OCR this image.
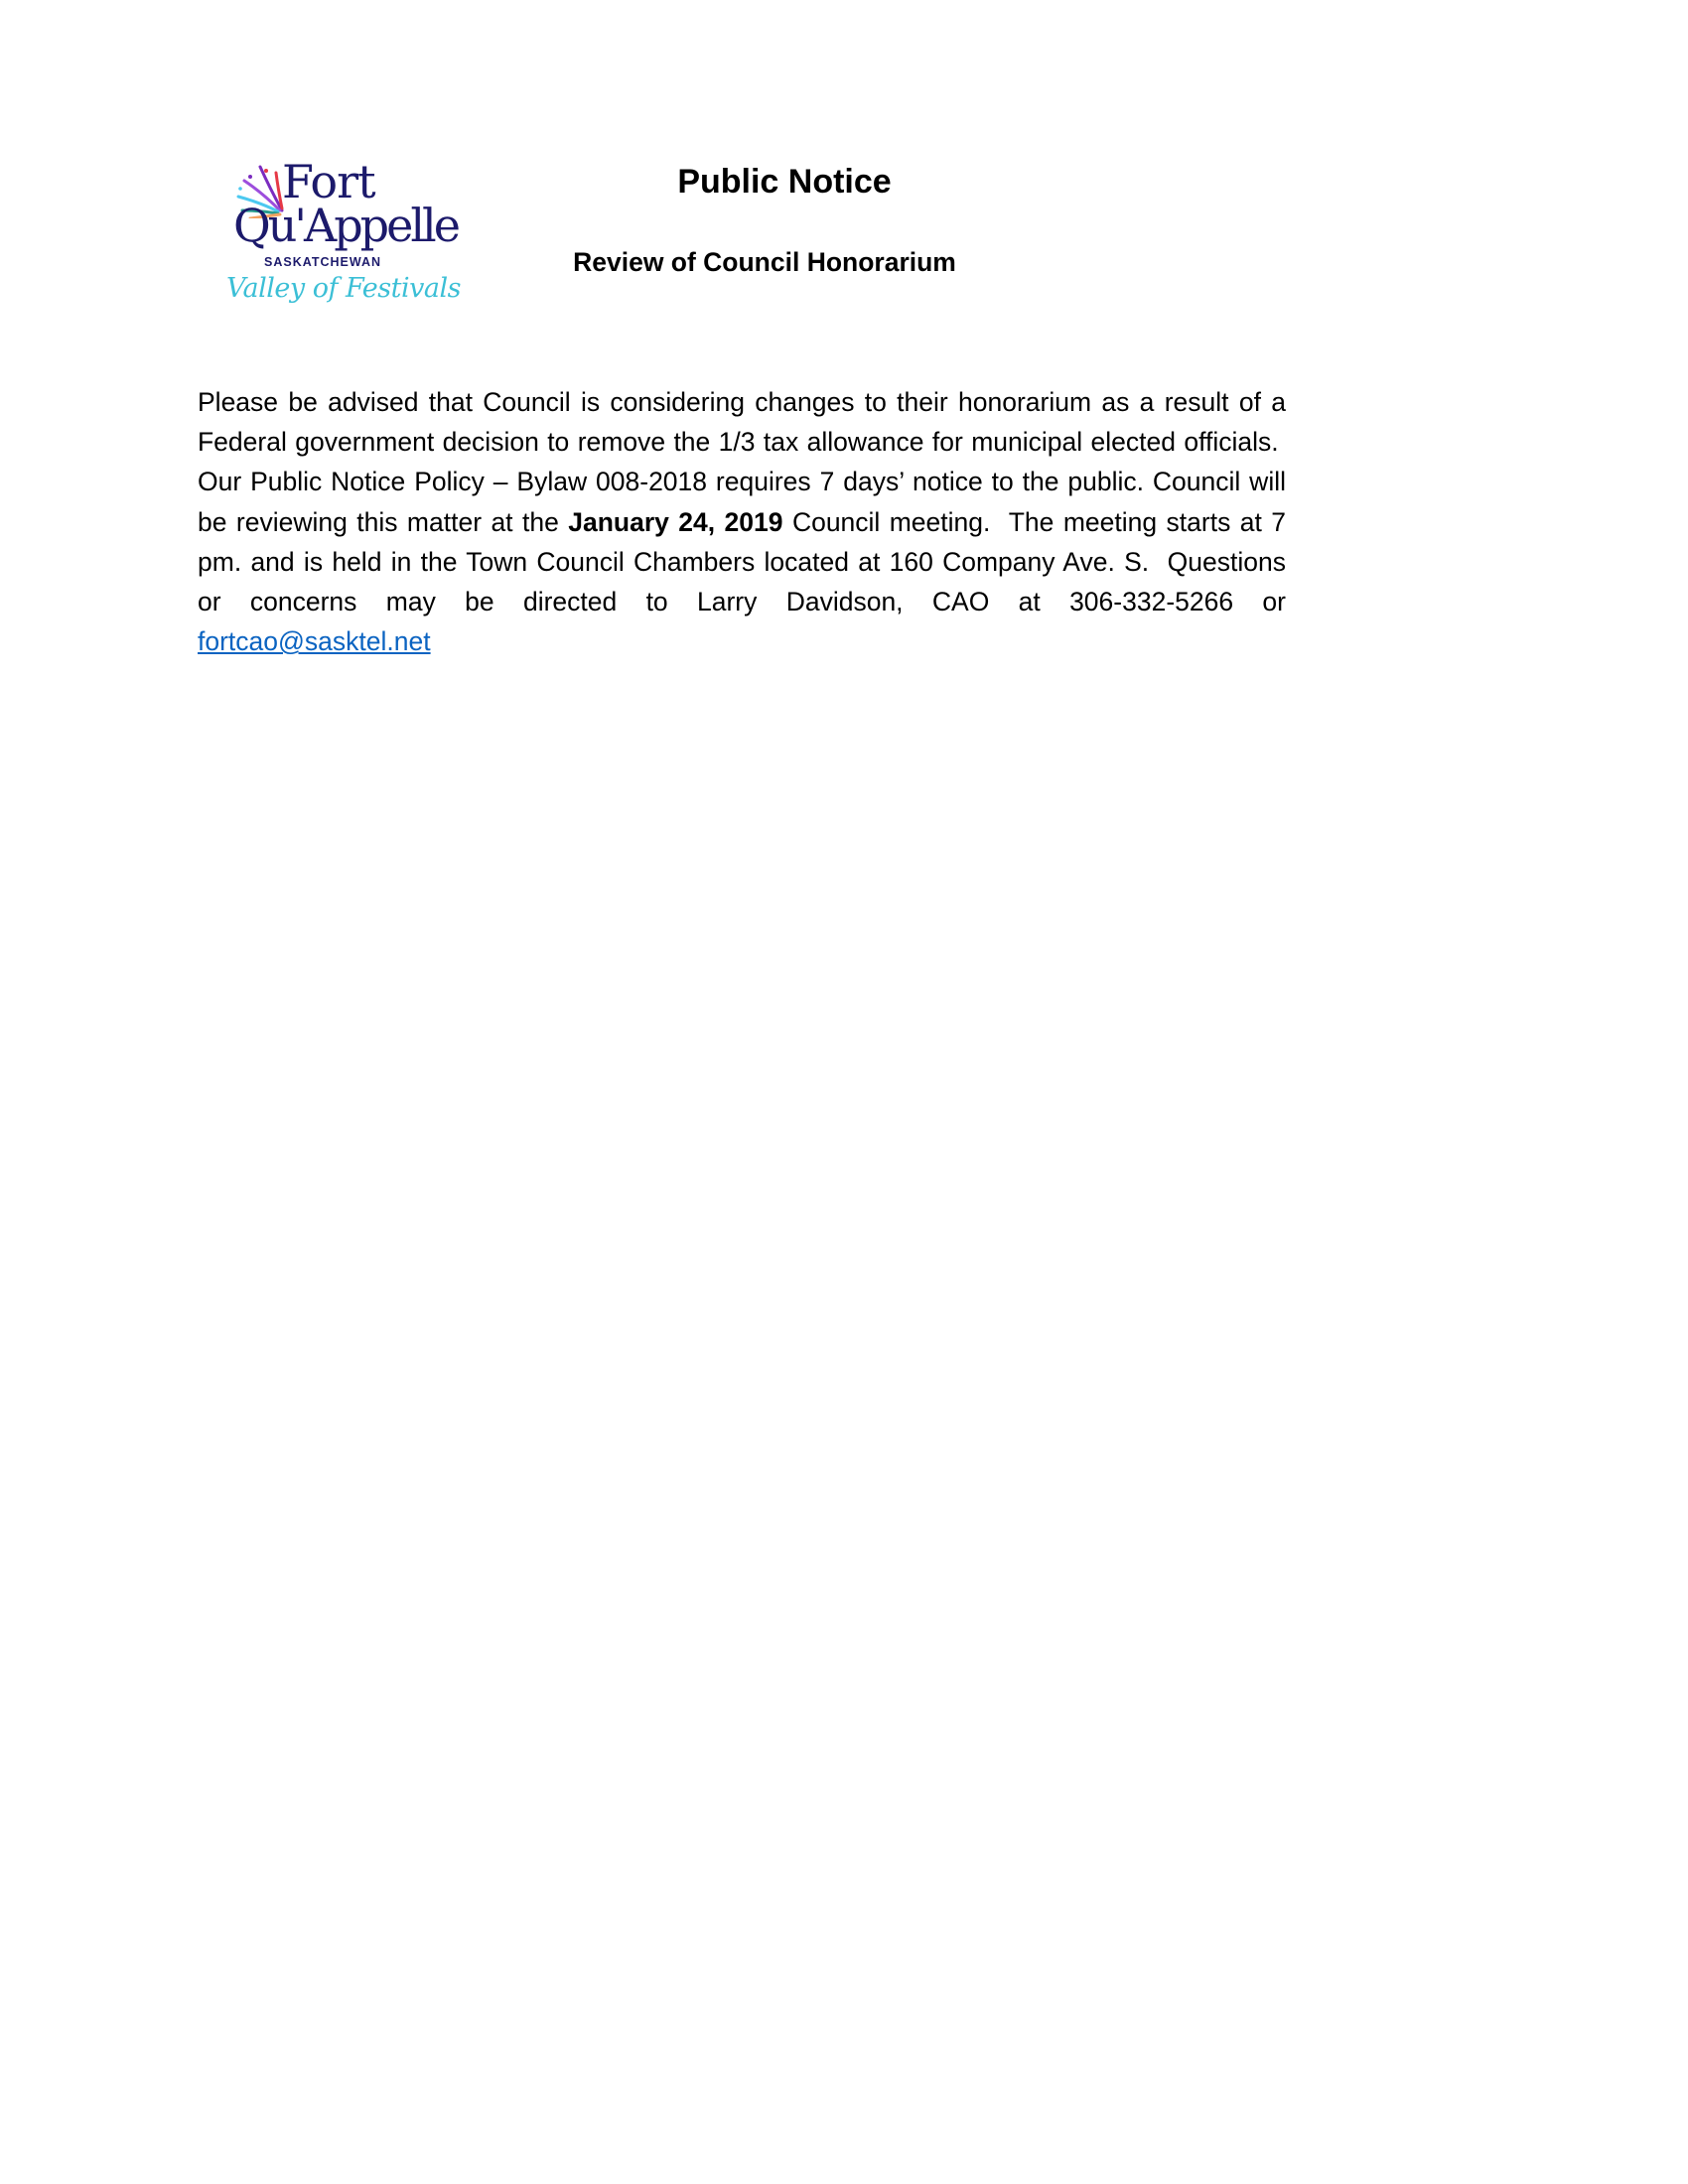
Fort
Qu'Appelle
SASKATCHEWAN
Valley of Festivals
Public Notice
Review of Council Honorarium

Please be advised that Council is considering changes to their honorarium as a result of a Federal government decision to remove the 1/3 tax allowance for municipal elected officials.  Our Public Notice Policy – Bylaw 008-2018 requires 7 days’ notice to the public. Council will be reviewing this matter at the January 24, 2019 Council meeting.  The meeting starts at 7 pm. and is held in the Town Council Chambers located at 160 Company Ave. S.  Questions or concerns may be directed to Larry Davidson, CAO at 306-332-5266 or fortcao@sasktel.net
